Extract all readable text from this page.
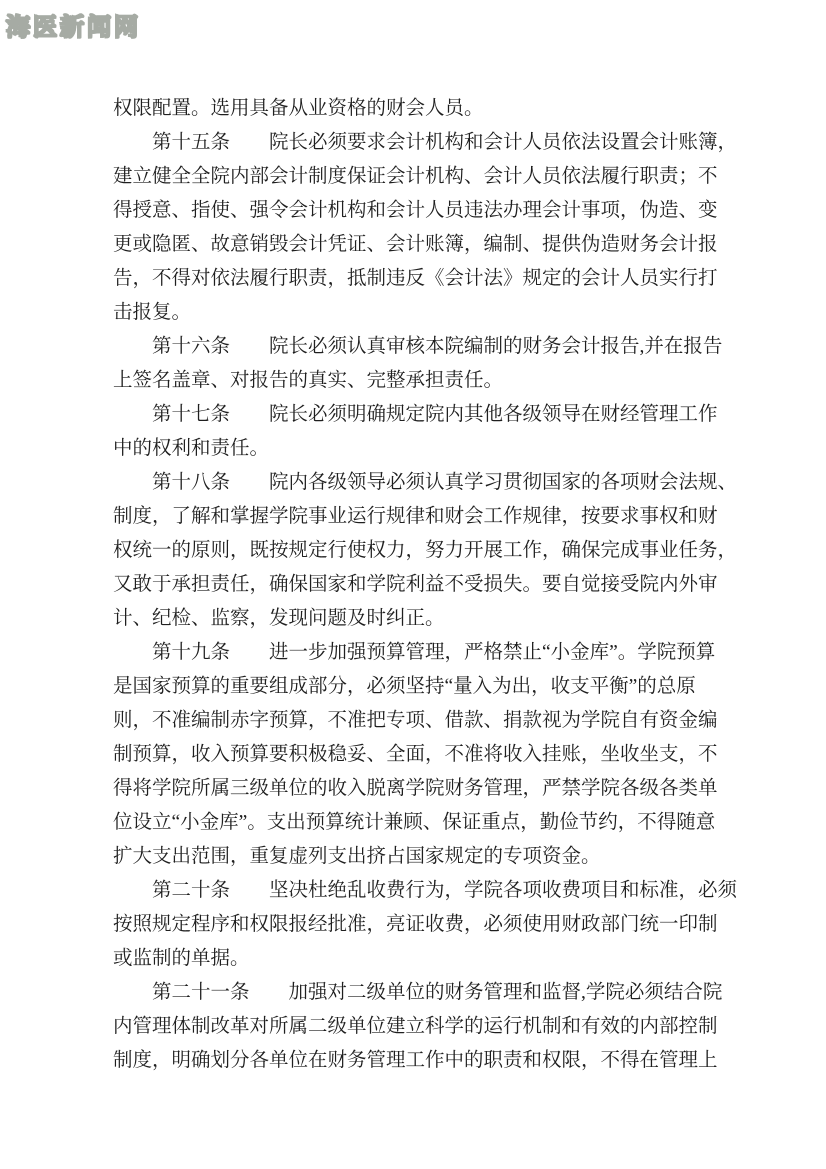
海医新闻网
权限配置。选用具备从业资格的财会人员。
第十五条　　院长必须要求会计机构和会计人员依法设置会计账簿，
建立健全全院内部会计制度保证会计机构、会计人员依法履行职责；不
得授意、指使、强令会计机构和会计人员违法办理会计事项，伪造、变
更或隐匿、故意销毁会计凭证、会计账簿，编制、提供伪造财务会计报
告，不得对依法履行职责，抵制违反《会计法》规定的会计人员实行打
击报复。
第十六条　　院长必须认真审核本院编制的财务会计报告,并在报告
上签名盖章、对报告的真实、完整承担责任。
第十七条　　院长必须明确规定院内其他各级领导在财经管理工作
中的权利和责任。
第十八条　　院内各级领导必须认真学习贯彻国家的各项财会法规、
制度，了解和掌握学院事业运行规律和财会工作规律，按要求事权和财
权统一的原则，既按规定行使权力，努力开展工作，确保完成事业任务，
又敢于承担责任，确保国家和学院利益不受损失。要自觉接受院内外审
计、纪检、监察，发现问题及时纠正。
第十九条　　进一步加强预算管理，严格禁止“小金库”。学院预算
是国家预算的重要组成部分，必须坚持“量入为出，收支平衡”的总原
则，不准编制赤字预算，不准把专项、借款、捐款视为学院自有资金编
制预算，收入预算要积极稳妥、全面，不准将收入挂账，坐收坐支，不
得将学院所属三级单位的收入脱离学院财务管理，严禁学院各级各类单
位设立“小金库”。支出预算统计兼顾、保证重点，勤俭节约，不得随意
扩大支出范围，重复虚列支出挤占国家规定的专项资金。
第二十条　　坚决杜绝乱收费行为，学院各项收费项目和标准，必须
按照规定程序和权限报经批准，亮证收费，必须使用财政部门统一印制
或监制的单据。
第二十一条　　加强对二级单位的财务管理和监督,学院必须结合院
内管理体制改革对所属二级单位建立科学的运行机制和有效的内部控制
制度，明确划分各单位在财务管理工作中的职责和权限，不得在管理上
